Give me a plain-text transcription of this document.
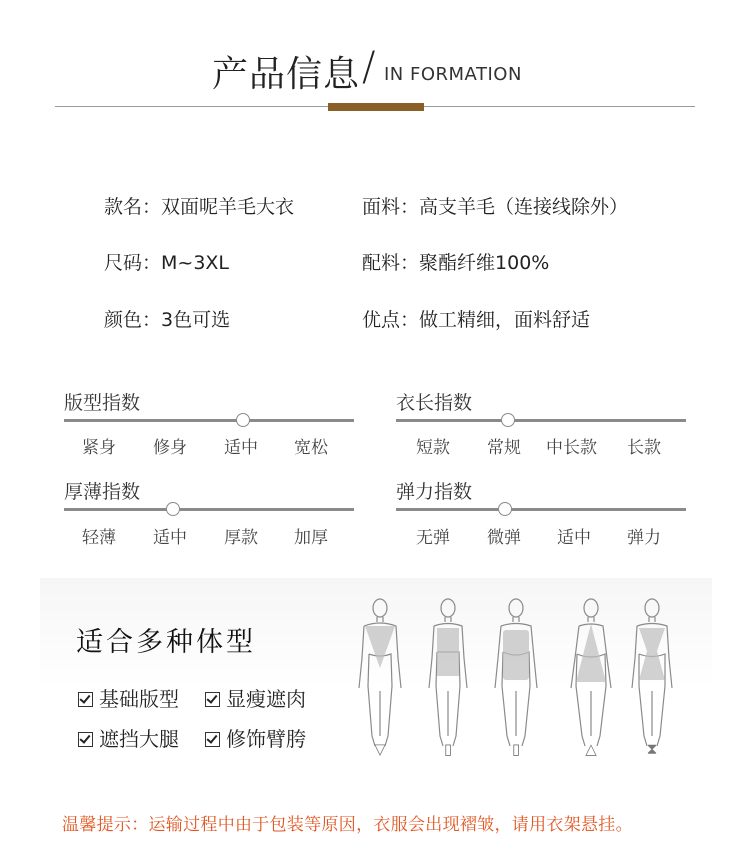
产品信息 / IN FORMATION
款名：双面呢羊毛大衣	面料：高支羊毛（连接线除外）
尺码：M~3XL	配料：聚酯纤维100%
颜色：3色可选	优点：做工精细，面料舒适
版型指数
紧身 修身 适中 宽松
衣长指数
短款 常规 中长款 长款
厚薄指数
轻薄 适中 厚款 加厚
弹力指数
无弹 微弹 适中 弹力
适合多种体型
基础版型	显瘦遮肉
遮挡大腿	修饰臂胯	▽	▯	▯	△	⧗
温馨提示：运输过程中由于包装等原因，衣服会出现褶皱，请用衣架悬挂。
